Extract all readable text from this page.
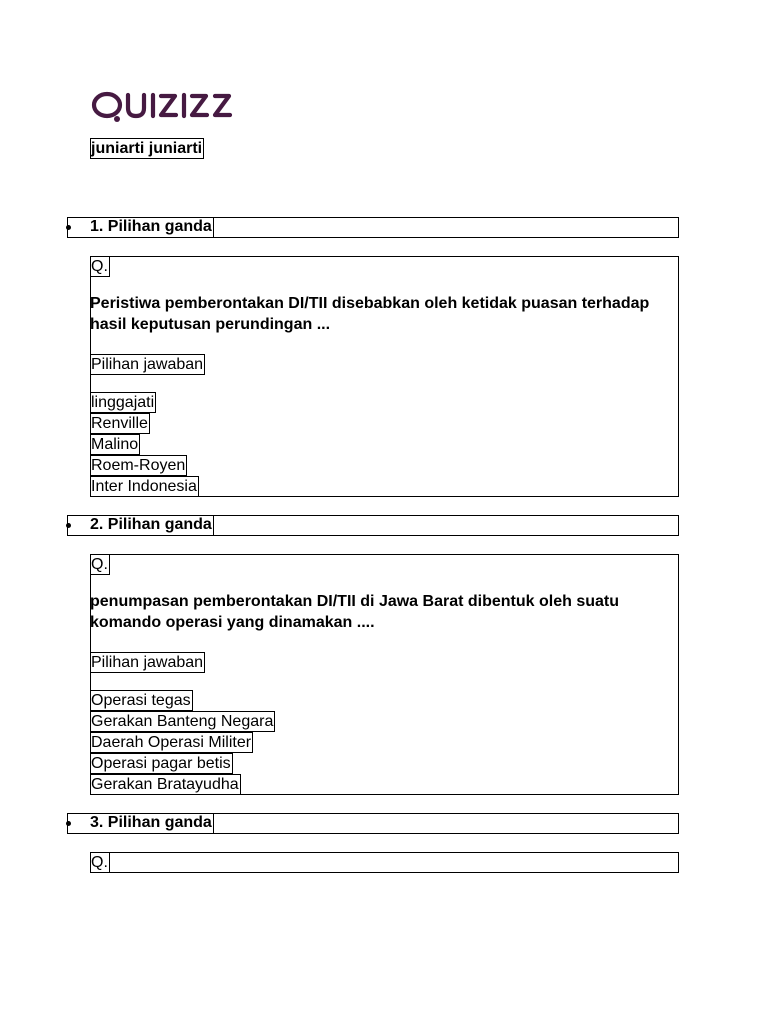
juniarti juniarti
1. Pilihan ganda
Q.
Peristiwa pemberontakan DI/TII disebabkan oleh ketidak puasan terhadap hasil keputusan perundingan ...
Pilihan jawaban
linggajati
Renville
Malino
Roem-Royen
Inter Indonesia
2. Pilihan ganda
Q.
penumpasan pemberontakan DI/TII di Jawa Barat dibentuk oleh suatu komando operasi yang dinamakan ....
Pilihan jawaban
Operasi tegas
Gerakan Banteng Negara
Daerah Operasi Militer
Operasi pagar betis
Gerakan Bratayudha
3. Pilihan ganda
Q.
